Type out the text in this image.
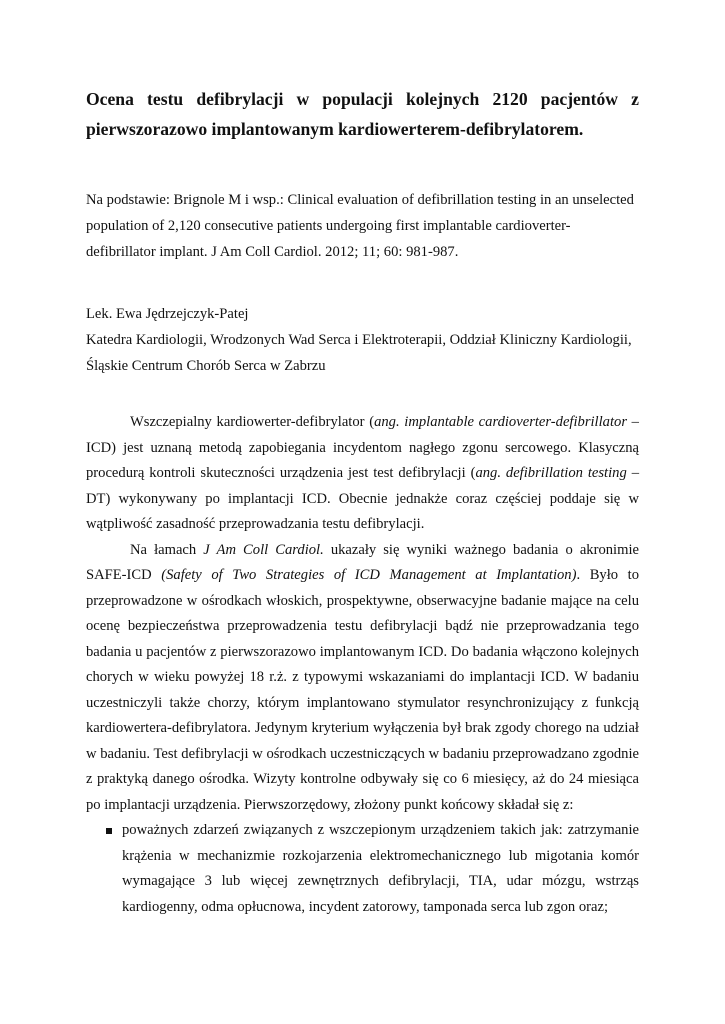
Ocena testu defibrylacji w populacji kolejnych 2120 pacjentów z pierwszorazowo implantowanym kardiowerterem-defibrylatorem.

Na podstawie: Brignole M i wsp.: Clinical evaluation of defibrillation testing in an unselected population of 2,120 consecutive patients undergoing first implantable cardioverter-defibrillator implant. J Am Coll Cardiol. 2012; 11; 60: 981-987.

Lek. Ewa Jędrzejczyk-Patej
Katedra Kardiologii, Wrodzonych Wad Serca i Elektroterapii, Oddział Kliniczny Kardiologii,
Śląskie Centrum Chorób Serca w Zabrzu

Wszczepialny kardiowerter-defibrylator (ang. implantable cardioverter-defibrillator – ICD) jest uznaną metodą zapobiegania incydentom nagłego zgonu sercowego. Klasyczną procedurą kontroli skuteczności urządzenia jest test defibrylacji (ang. defibrillation testing – DT) wykonywany po implantacji ICD. Obecnie jednakże coraz częściej poddaje się w wątpliwość zasadność przeprowadzania testu defibrylacji.

Na łamach J Am Coll Cardiol. ukazały się wyniki ważnego badania o akronimie SAFE-ICD (Safety of Two Strategies of ICD Management at Implantation). Było to przeprowadzone w ośrodkach włoskich, prospektywne, obserwacyjne badanie mające na celu ocenę bezpieczeństwa przeprowadzenia testu defibrylacji bądź nie przeprowadzania tego badania u pacjentów z pierwszorazowo implantowanym ICD. Do badania włączono kolejnych chorych w wieku powyżej 18 r.ż. z typowymi wskazaniami do implantacji ICD. W badaniu uczestniczyli także chorzy, którym implantowano stymulator resynchronizujący z funkcją kardiowertera-defibrylatora. Jedynym kryterium wyłączenia był brak zgody chorego na udział w badaniu. Test defibrylacji w ośrodkach uczestniczących w badaniu przeprowadzano zgodnie z praktyką danego ośrodka. Wizyty kontrolne odbywały się co 6 miesięcy, aż do 24 miesiąca po implantacji urządzenia. Pierwszorzędowy, złożony punkt końcowy składał się z:

poważnych zdarzeń związanych z wszczepionym urządzeniem takich jak: zatrzymanie krążenia w mechanizmie rozkojarzenia elektromechanicznego lub migotania komór wymagające 3 lub więcej zewnętrznych defibrylacji, TIA, udar mózgu, wstrząs kardiogenny, odma opłucnowa, incydent zatorowy, tamponada serca lub zgon oraz;
